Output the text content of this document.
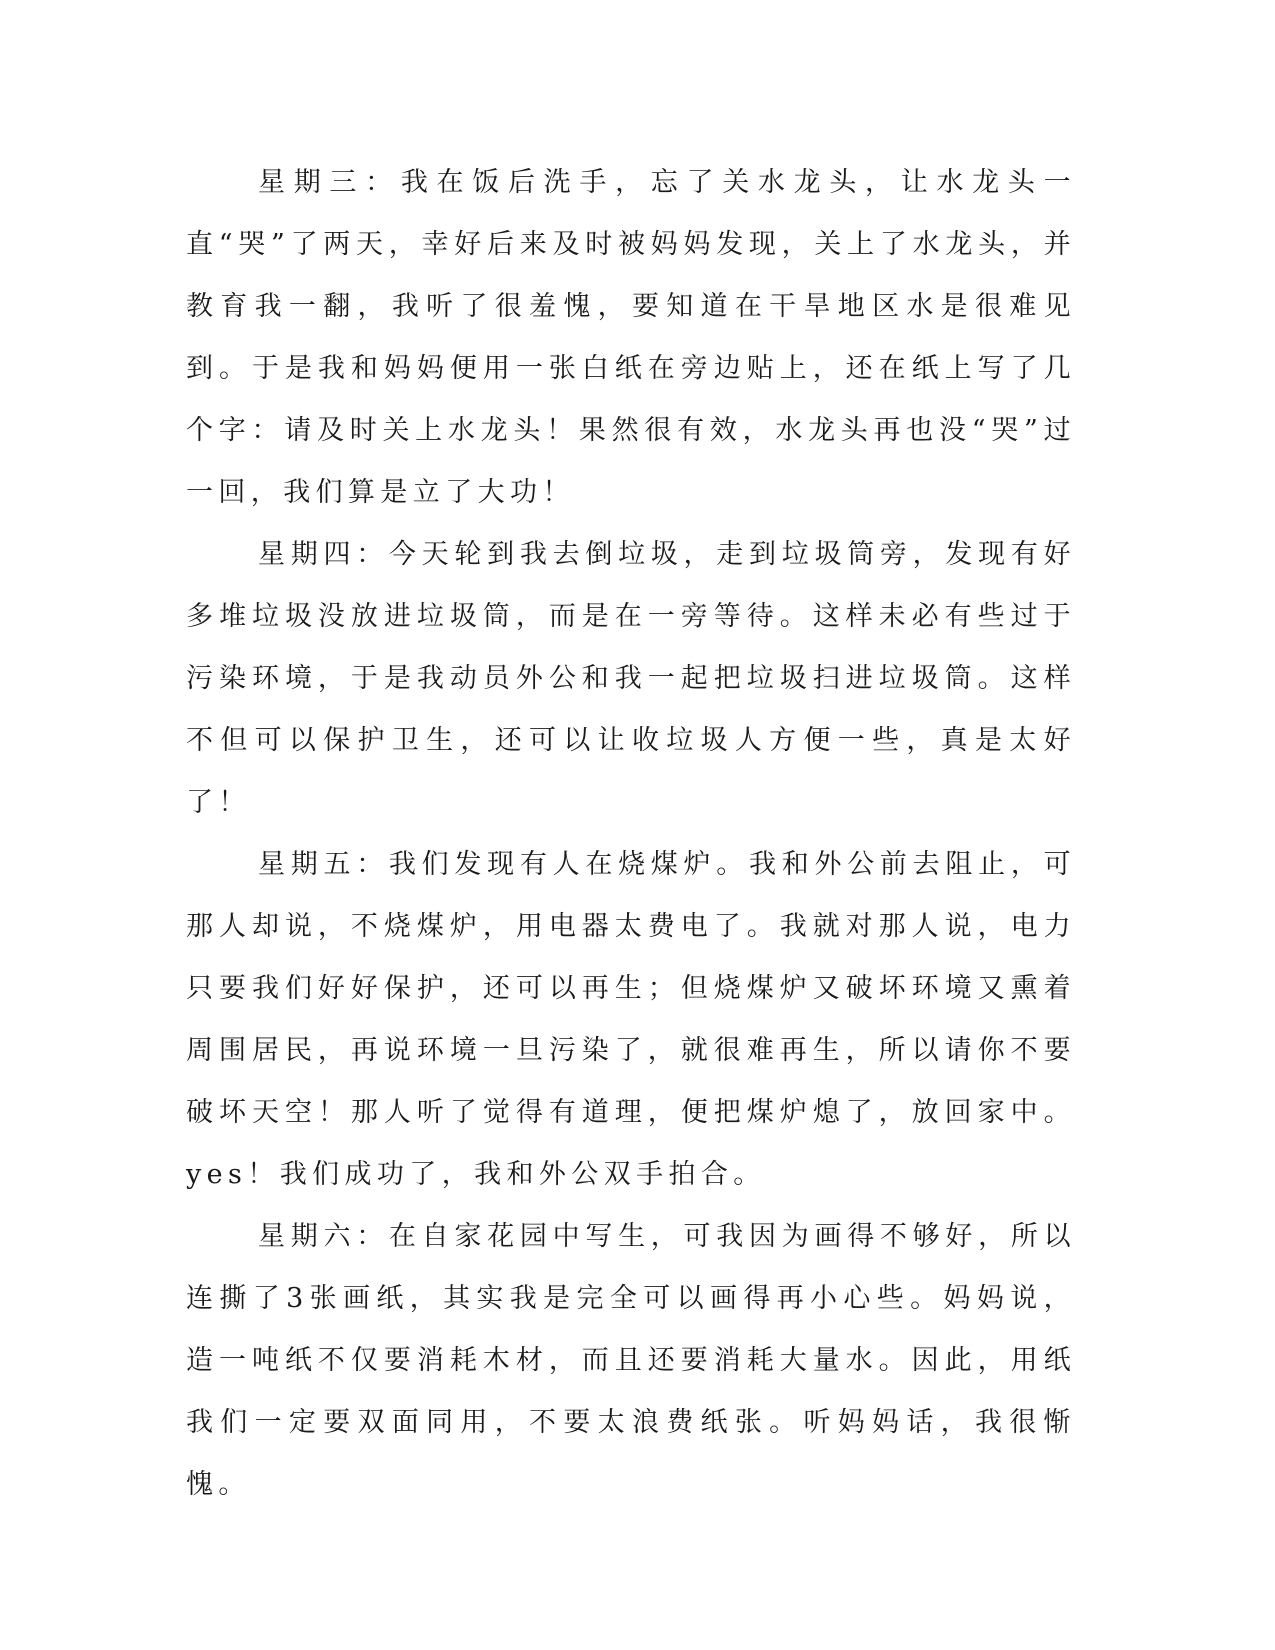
星期三：我在饭后洗手，忘了关水龙头，让水龙头一直“哭”了两天，幸好后来及时被妈妈发现，关上了水龙头，并教育我一翻，我听了很羞愧，要知道在干旱地区水是很难见到。于是我和妈妈便用一张白纸在旁边贴上，还在纸上写了几个字：请及时关上水龙头！果然很有效，水龙头再也没“哭”过一回，我们算是立了大功！

星期四：今天轮到我去倒垃圾，走到垃圾筒旁，发现有好多堆垃圾没放进垃圾筒，而是在一旁等待。这样未必有些过于污染环境，于是我动员外公和我一起把垃圾扫进垃圾筒。这样不但可以保护卫生，还可以让收垃圾人方便一些，真是太好了！

星期五：我们发现有人在烧煤炉。我和外公前去阻止，可那人却说，不烧煤炉，用电器太费电了。我就对那人说，电力只要我们好好保护，还可以再生；但烧煤炉又破坏环境又熏着周围居民，再说环境一旦污染了，就很难再生，所以请你不要破坏天空！那人听了觉得有道理，便把煤炉熄了，放回家中。yes！我们成功了，我和外公双手拍合。

星期六：在自家花园中写生，可我因为画得不够好，所以连撕了3张画纸，其实我是完全可以画得再小心些。妈妈说，造一吨纸不仅要消耗木材，而且还要消耗大量水。因此，用纸我们一定要双面同用，不要太浪费纸张。听妈妈话，我很惭愧。
